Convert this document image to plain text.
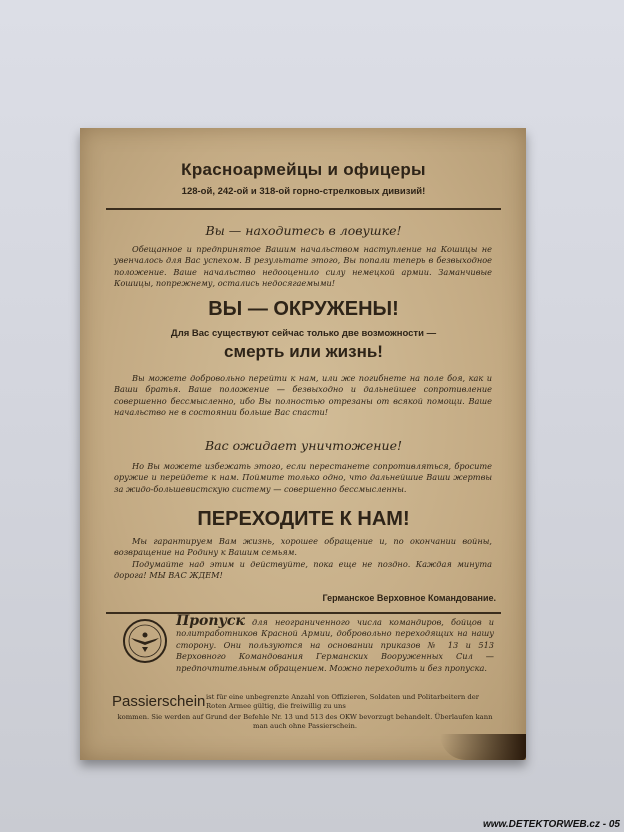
Красноармейцы и офицеры
128-ой, 242-ой и 318-ой горно-стрелковых дивизий!
Вы — находитесь в ловушке!

Обещанное и предпринятое Вашим начальством наступление на Кошицы не увенчалось для Вас успехом. В результате этого, Вы попали теперь в безвыходное положение. Ваше начальство недооценило силу немецкой армии. Заманчивые Кошицы, попрежнему, остались недосягаемыми!

ВЫ — ОКРУЖЕНЫ!
Для Вас существуют сейчас только две возможности —
смерть или жизнь!

Вы можете добровольно перейти к нам, или же погибнете на поле боя, как и Ваши братья. Ваше положение — безвыходно и дальнейшее сопротивление совершенно бессмысленно, ибо Вы полностью отрезаны от всякой помощи. Ваше начальство не в состоянии больше Вас спасти!

Вас ожидает уничтожение!

Но Вы можете избежать этого, если перестанете сопротивляться, бросите оружие и перейдете к нам. Поймите только одно, что дальнейшие Ваши жертвы за жидо-большевистскую систему — совершенно бессмысленны.

ПЕРЕХОДИТЕ К НАМ!

Мы гарантируем Вам жизнь, хорошее обращение и, по окончании войны, возвращение на Родину к Вашим семьям.

Подумайте над этим и действуйте, пока еще не поздно. Каждая минута дорога! МЫ ВАС ЖДЕМ!

Германское Верховное Командование.

Пропуск для неограниченного числа командиров, бойцов и политработников Красной Армии, добровольно переходящих на нашу сторону. Они пользуются на основании приказов № 13 и 513 Верховного Командования Германских Вооруженных Сил — предпочтительным обращением. Можно переходить и без пропуска.

Passierschein ist für eine unbegrenzte Anzahl von Offizieren, Soldaten und Politarbeitern der Roten Armee gültig, die freiwillig zu uns

kommen. Sie werden auf Grund der Befehle Nr. 13 und 513 des OKW bevorzugt behandelt. Überlaufen kann man auch ohne Passierschein.

www.DETEKTORWEB.cz - 05
